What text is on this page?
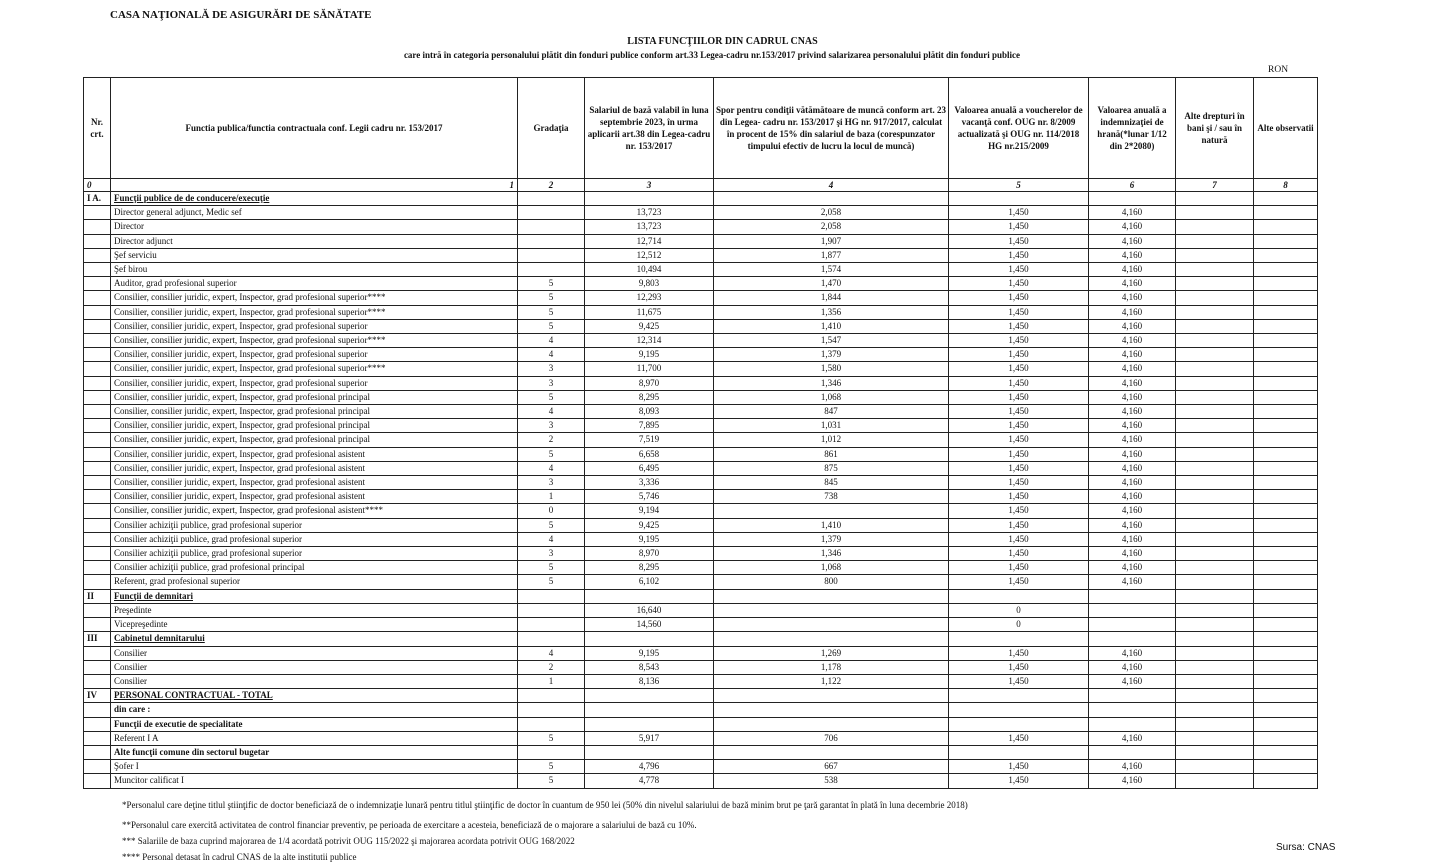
CASA NAŢIONALĂ DE ASIGURĂRI DE SĂNĂTATE
LISTA FUNCŢIILOR DIN CADRUL CNAS
care intră în categoria personalului plătit din fonduri publice conform art.33 Legea-cadru nr.153/2017 privind salarizarea personalului plătit din fonduri publice
RON
Nr. crt.	Functia publica/functia contractuala conf. Legii cadru nr. 153/2017	Gradaţia	Salariul de bază valabil în luna septembrie 2023, în urma aplicarii art.38 din Legea-cadru nr. 153/2017	Spor pentru condiţii vătămătoare de muncă conform art. 23 din Legea- cadru nr. 153/2017 şi HG nr. 917/2017, calculat în procent de 15% din salariul de baza (corespunzator timpului efectiv de lucru la locul de muncă)	Valoarea anuală a voucherelor de vacanţă conf. OUG nr. 8/2009 actualizată şi OUG nr. 114/2018 HG nr.215/2009	Valoarea anuală a indemnizaţiei de hrană(*lunar 1/12 din 2*2080)	Alte drepturi în bani şi / sau în natură	Alte observatii
0	1	2	3	4	5	6	7	8
I A.	Funcţii publice de de conducere/execuţie							
	Director general adjunct, Medic sef		13,723	2,058	1,450	4,160		
	Director		13,723	2,058	1,450	4,160		
	Director adjunct		12,714	1,907	1,450	4,160		
	Şef serviciu		12,512	1,877	1,450	4,160		
	Şef birou		10,494	1,574	1,450	4,160		
	Auditor, grad profesional superior	5	9,803	1,470	1,450	4,160		
	Consilier, consilier juridic, expert, Inspector, grad profesional superior****	5	12,293	1,844	1,450	4,160		
	Consilier, consilier juridic, expert, Inspector, grad profesional superior****	5	11,675	1,356	1,450	4,160		
	Consilier, consilier juridic, expert, Inspector, grad profesional superior	5	9,425	1,410	1,450	4,160		
	Consilier, consilier juridic, expert, Inspector, grad profesional superior****	4	12,314	1,547	1,450	4,160		
	Consilier, consilier juridic, expert, Inspector, grad profesional superior	4	9,195	1,379	1,450	4,160		
	Consilier, consilier juridic, expert, Inspector, grad profesional superior****	3	11,700	1,580	1,450	4,160		
	Consilier, consilier juridic, expert, Inspector, grad profesional superior	3	8,970	1,346	1,450	4,160		
	Consilier, consilier juridic, expert, Inspector, grad profesional principal	5	8,295	1,068	1,450	4,160		
	Consilier, consilier juridic, expert, Inspector, grad profesional principal	4	8,093	847	1,450	4,160		
	Consilier, consilier juridic, expert, Inspector, grad profesional principal	3	7,895	1,031	1,450	4,160		
	Consilier, consilier juridic, expert, Inspector, grad profesional principal	2	7,519	1,012	1,450	4,160		
	Consilier, consilier juridic, expert, Inspector, grad profesional asistent	5	6,658	861	1,450	4,160		
	Consilier, consilier juridic, expert, Inspector, grad profesional asistent	4	6,495	875	1,450	4,160		
	Consilier, consilier juridic, expert, Inspector, grad profesional asistent	3	3,336	845	1,450	4,160		
	Consilier, consilier juridic, expert, Inspector, grad profesional asistent	1	5,746	738	1,450	4,160		
	Consilier, consilier juridic, expert, Inspector, grad profesional asistent****	0	9,194		1,450	4,160		
	Consilier achiziţii publice, grad profesional superior	5	9,425	1,410	1,450	4,160		
	Consilier achiziţii publice, grad profesional superior	4	9,195	1,379	1,450	4,160		
	Consilier achiziţii publice, grad profesional superior	3	8,970	1,346	1,450	4,160		
	Consilier achiziţii publice, grad profesional principal	5	8,295	1,068	1,450	4,160		
	Referent, grad profesional superior	5	6,102	800	1,450	4,160		
II	Funcţii de demnitari							
	Preşedinte		16,640		0			
	Vicepreşedinte		14,560		0			
III	Cabinetul demnitarului							
	Consilier	4	9,195	1,269	1,450	4,160		
	Consilier	2	8,543	1,178	1,450	4,160		
	Consilier	1	8,136	1,122	1,450	4,160		
IV	PERSONAL CONTRACTUAL - TOTAL							
	din care :							
	Funcţii de executie de specialitate							
	Referent I A	5	5,917	706	1,450	4,160		
	Alte funcţii comune din sectorul bugetar							
	Şofer I	5	4,796	667	1,450	4,160		
	Muncitor calificat I	5	4,778	538	1,450	4,160		
*Personalul care deţine titlul ştiinţific de doctor beneficiază de o indemnizaţie lunară pentru titlul ştiinţific de doctor în cuantum de 950 lei (50% din nivelul salariului de bază minim brut pe ţară garantat în plată în luna decembrie 2018)
**Personalul care exercită activitatea de control financiar preventiv, pe perioada de exercitare a acesteia, beneficiază de o majorare a salariului de bază cu 10%.
*** Salariile de baza cuprind majorarea de 1/4 acordată potrivit OUG 115/2022 şi majorarea acordata potrivit OUG 168/2022
**** Personal detasat în cadrul CNAS de la alte institutii publice
Sursa: CNAS
